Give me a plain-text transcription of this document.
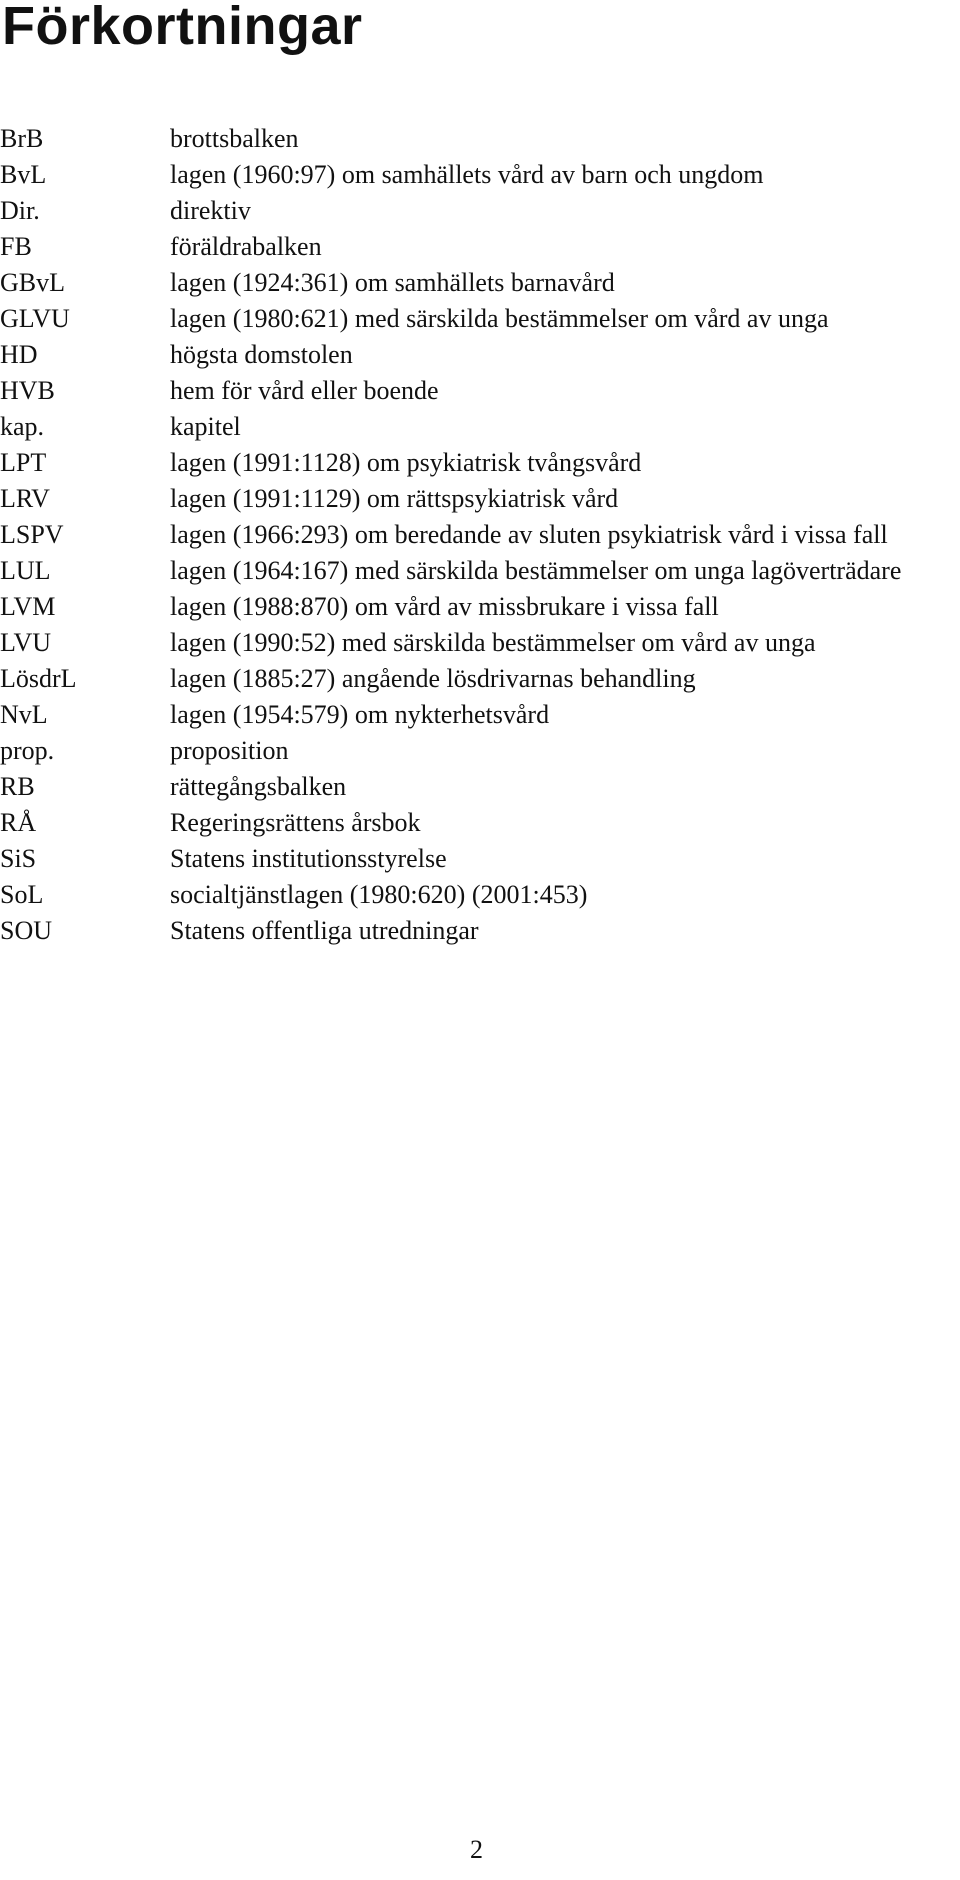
Förkortningar
BrB	brottsbalken
BvL	lagen (1960:97) om samhällets vård av barn och ungdom
Dir.	direktiv
FB	föräldrabalken
GBvL	lagen (1924:361) om samhällets barnavård
GLVU	lagen (1980:621) med särskilda bestämmelser om vård av unga
HD	högsta domstolen
HVB	hem för vård eller boende
kap.	kapitel
LPT	lagen (1991:1128) om psykiatrisk tvångsvård
LRV	lagen (1991:1129) om rättspsykiatrisk vård
LSPV	lagen (1966:293) om beredande av sluten psykiatrisk vård i vissa fall
LUL	lagen (1964:167) med särskilda bestämmelser om unga lagöverträdare
LVM	lagen (1988:870) om vård av missbrukare i vissa fall
LVU	lagen (1990:52) med särskilda bestämmelser om vård av unga
LösdrL	lagen (1885:27) angående lösdrivarnas behandling
NvL	lagen (1954:579) om nykterhetsvård
prop.	proposition
RB	rättegångsbalken
RÅ	Regeringsrättens årsbok
SiS	Statens institutionsstyrelse
SoL	socialtjänstlagen (1980:620) (2001:453)
SOU	Statens offentliga utredningar
2
